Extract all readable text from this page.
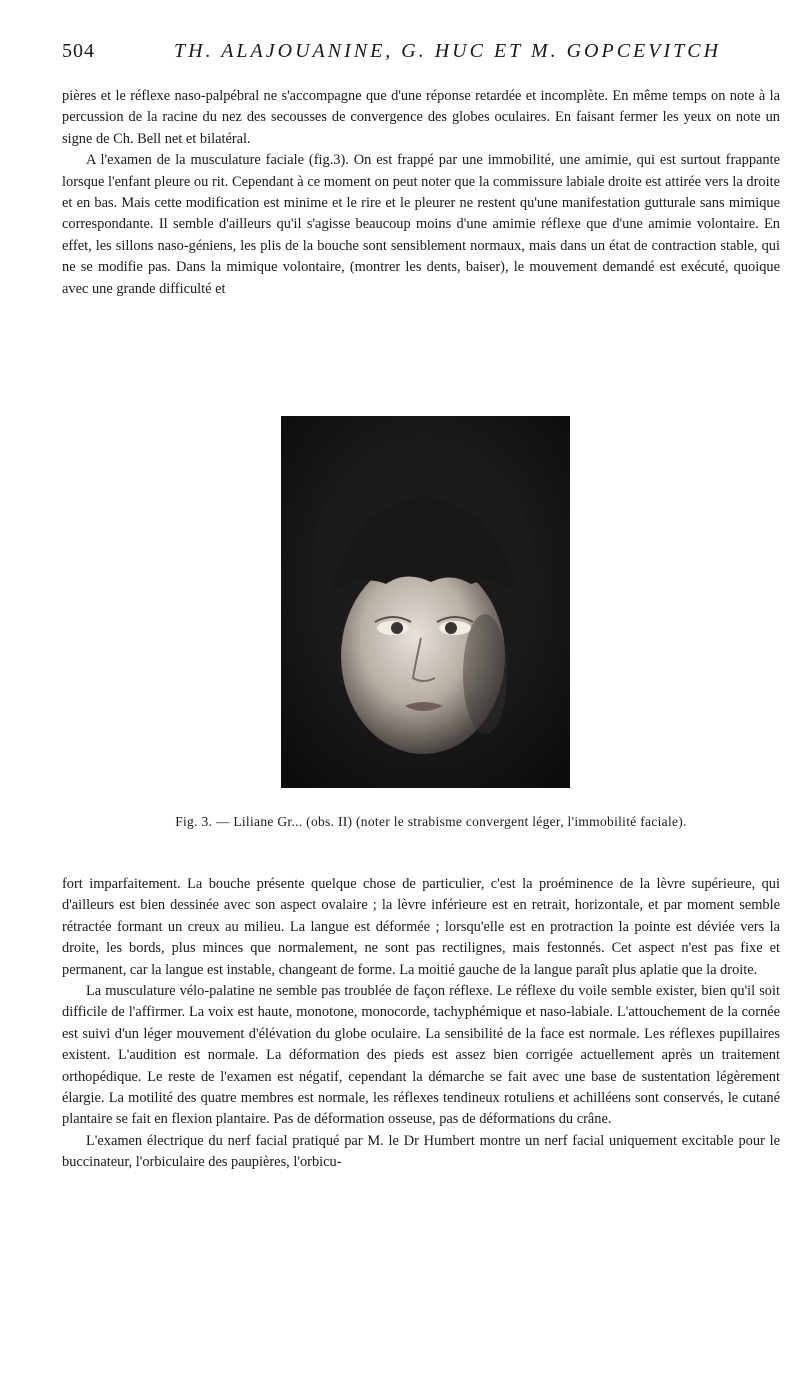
504	TH. ALAJOUANINE, G. HUC ET M. GOPCEVITCH

pières et le réflexe naso-palpébral ne s'accompagne que d'une réponse retardée et incomplète. En même temps on note à la percussion de la racine du nez des secousses de convergence des globes oculaires. En faisant fermer les yeux on note un signe de Ch. Bell net et bilatéral.

A l'examen de la musculature faciale (fig.3). On est frappé par une immobilité, une amimie, qui est surtout frappante lorsque l'enfant pleure ou rit. Cependant à ce moment on peut noter que la commissure labiale droite est attirée vers la droite et en bas. Mais cette modification est minime et le rire et le pleurer ne restent qu'une manifestation gutturale sans mimique correspondante. Il semble d'ailleurs qu'il s'agisse beaucoup moins d'une amimie réflexe que d'une amimie volontaire. En effet, les sillons naso-géniens, les plis de la bouche sont sensiblement normaux, mais dans un état de contraction stable, qui ne se modifie pas. Dans la mimique volontaire, (montrer les dents, baiser), le mouvement demandé est exécuté, quoique avec une grande difficulté et

Fig. 3. — Liliane Gr... (obs. II) (noter le strabisme convergent léger, l'immobilité faciale).

fort imparfaitement. La bouche présente quelque chose de particulier, c'est la proéminence de la lèvre supérieure, qui d'ailleurs est bien dessinée avec son aspect ovalaire ; la lèvre inférieure est en retrait, horizontale, et par moment semble rétractée formant un creux au milieu. La langue est déformée ; lorsqu'elle est en protraction la pointe est déviée vers la droite, les bords, plus minces que normalement, ne sont pas rectilignes, mais festonnés. Cet aspect n'est pas fixe et permanent, car la langue est instable, changeant de forme. La moitié gauche de la langue paraît plus aplatie que la droite.

La musculature vélo-palatine ne semble pas troublée de façon réflexe. Le réflexe du voile semble exister, bien qu'il soit difficile de l'affirmer. La voix est haute, monotone, monocorde, tachyphémique et naso-labiale. L'attouchement de la cornée est suivi d'un léger mouvement d'élévation du globe oculaire. La sensibilité de la face est normale. Les réflexes pupillaires existent. L'audition est normale. La déformation des pieds est assez bien corrigée actuellement après un traitement orthopédique. Le reste de l'examen est négatif, cependant la démarche se fait avec une base de sustentation légèrement élargie. La motilité des quatre membres est normale, les réflexes tendineux rotuliens et achilléens sont conservés, le cutané plantaire se fait en flexion plantaire. Pas de déformation osseuse, pas de déformations du crâne.

L'examen électrique du nerf facial pratiqué par M. le Dr Humbert montre un nerf facial uniquement excitable pour le buccinateur, l'orbiculaire des paupières, l'orbicu-
